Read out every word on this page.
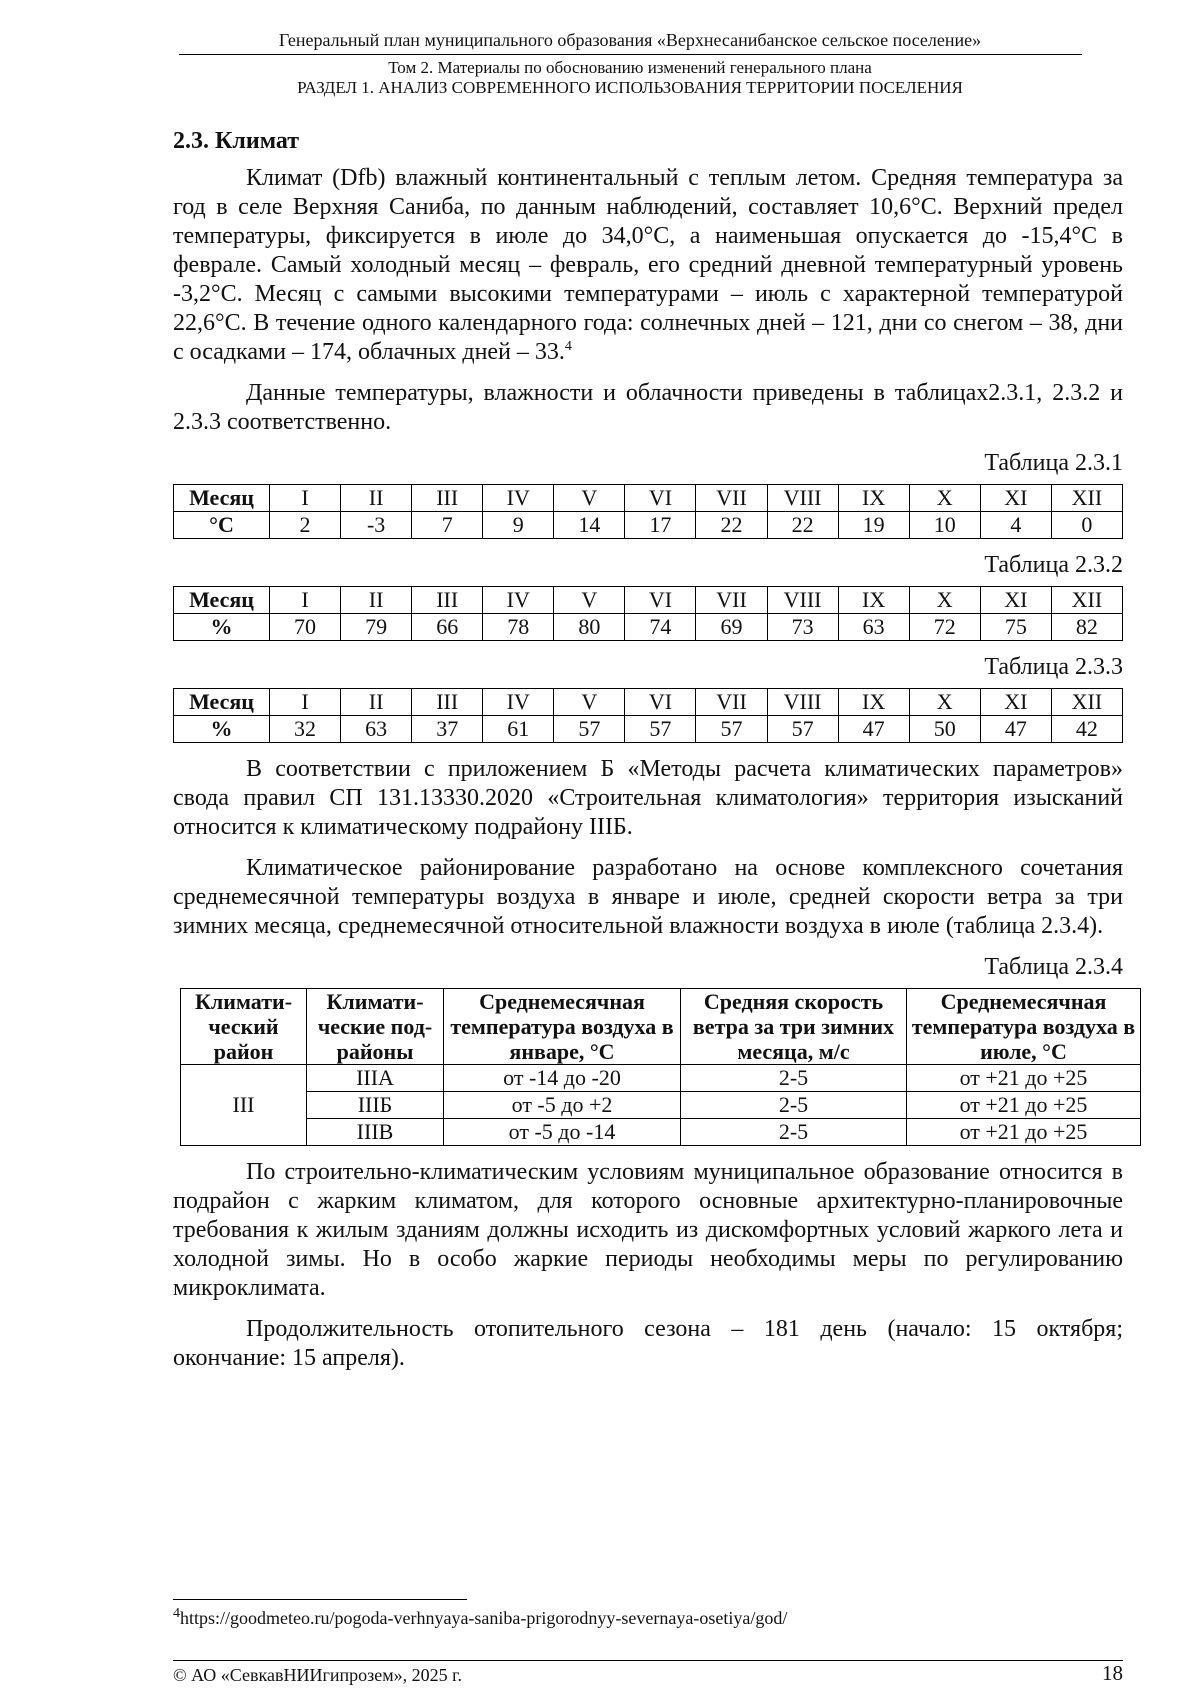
Генеральный план муниципального образования «Верхнесанибанское сельское поселение»
Том 2. Материалы по обоснованию изменений генерального плана
РАЗДЕЛ 1. АНАЛИЗ СОВРЕМЕННОГО ИСПОЛЬЗОВАНИЯ ТЕРРИТОРИИ ПОСЕЛЕНИЯ
2.3. Климат

Климат (Dfb) влажный континентальный с теплым летом. Средняя температура за год в селе Верхняя Санибa, по данным наблюдений, составляет 10,6°С. Верхний предел температуры, фиксируется в июле до 34,0°С, а наименьшая опускается до -15,4°С в феврале. Самый холодный месяц – февраль, его средний дневной температурный уровень -3,2°С. Месяц с самыми высокими температурами – июль с характерной температурой 22,6°С. В течение одного календарного года: солнечных дней – 121, дни со снегом – 38, дни с осадками – 174, облачных дней – 33.$^4$

Данные температуры, влажности и облачности приведены в таблицах2.3.1, 2.3.2 и 2.3.3 соответственно.

Таблица 2.3.1
Месяц	I	II	III	IV	V	VI	VII	VIII	IX	X	XI	XII
°С	2	-3	7	9	14	17	22	22	19	10	4	0
Таблица 2.3.2
Месяц	I	II	III	IV	V	VI	VII	VIII	IX	X	XI	XII
%	70	79	66	78	80	74	69	73	63	72	75	82
Таблица 2.3.3
Месяц	I	II	III	IV	V	VI	VII	VIII	IX	X	XI	XII
%	32	63	37	61	57	57	57	57	47	50	47	42

В соответствии с приложением Б «Методы расчета климатических параметров» свода правил СП 131.13330.2020 «Строительная климатология» территория изысканий относится к климатическому подрайону IIIБ.

Климатическое районирование разработано на основе комплексного сочетания среднемесячной температуры воздуха в январе и июле, средней скорости ветра за три зимних месяца, среднемесячной относительной влажности воздуха в июле (таблица 2.3.4).

Таблица 2.3.4
Климати-ческий район	Климати-ческие под-районы	Среднемесячная температура воздуха в январе, °С	Средняя скорость ветра за три зимних месяца, м/с	Среднемесячная температура воздуха в июле, °С
III	IIIА	от -14 до -20	2-5	от +21 до +25
	IIIБ	от -5 до +2	2-5	от +21 до +25
	IIIВ	от -5 до -14	2-5	от +21 до +25

По строительно-климатическим условиям муниципальное образование относится в подрайон с жарким климатом, для которого основные архитектурно-планировочные требования к жилым зданиям должны исходить из дискомфортных условий жаркого лета и холодной зимы. Но в особо жаркие периоды необходимы меры по регулированию микроклимата.

Продолжительность отопительного сезона – 181 день (начало: 15 октября; окончание: 15 апреля).

$^4$https://goodmeteo.ru/pogoda-verhnyaya-saniba-prigorodnyy-severnaya-osetiya/god/
© АО «СевкавНИИгипрозем», 2025 г.	18
